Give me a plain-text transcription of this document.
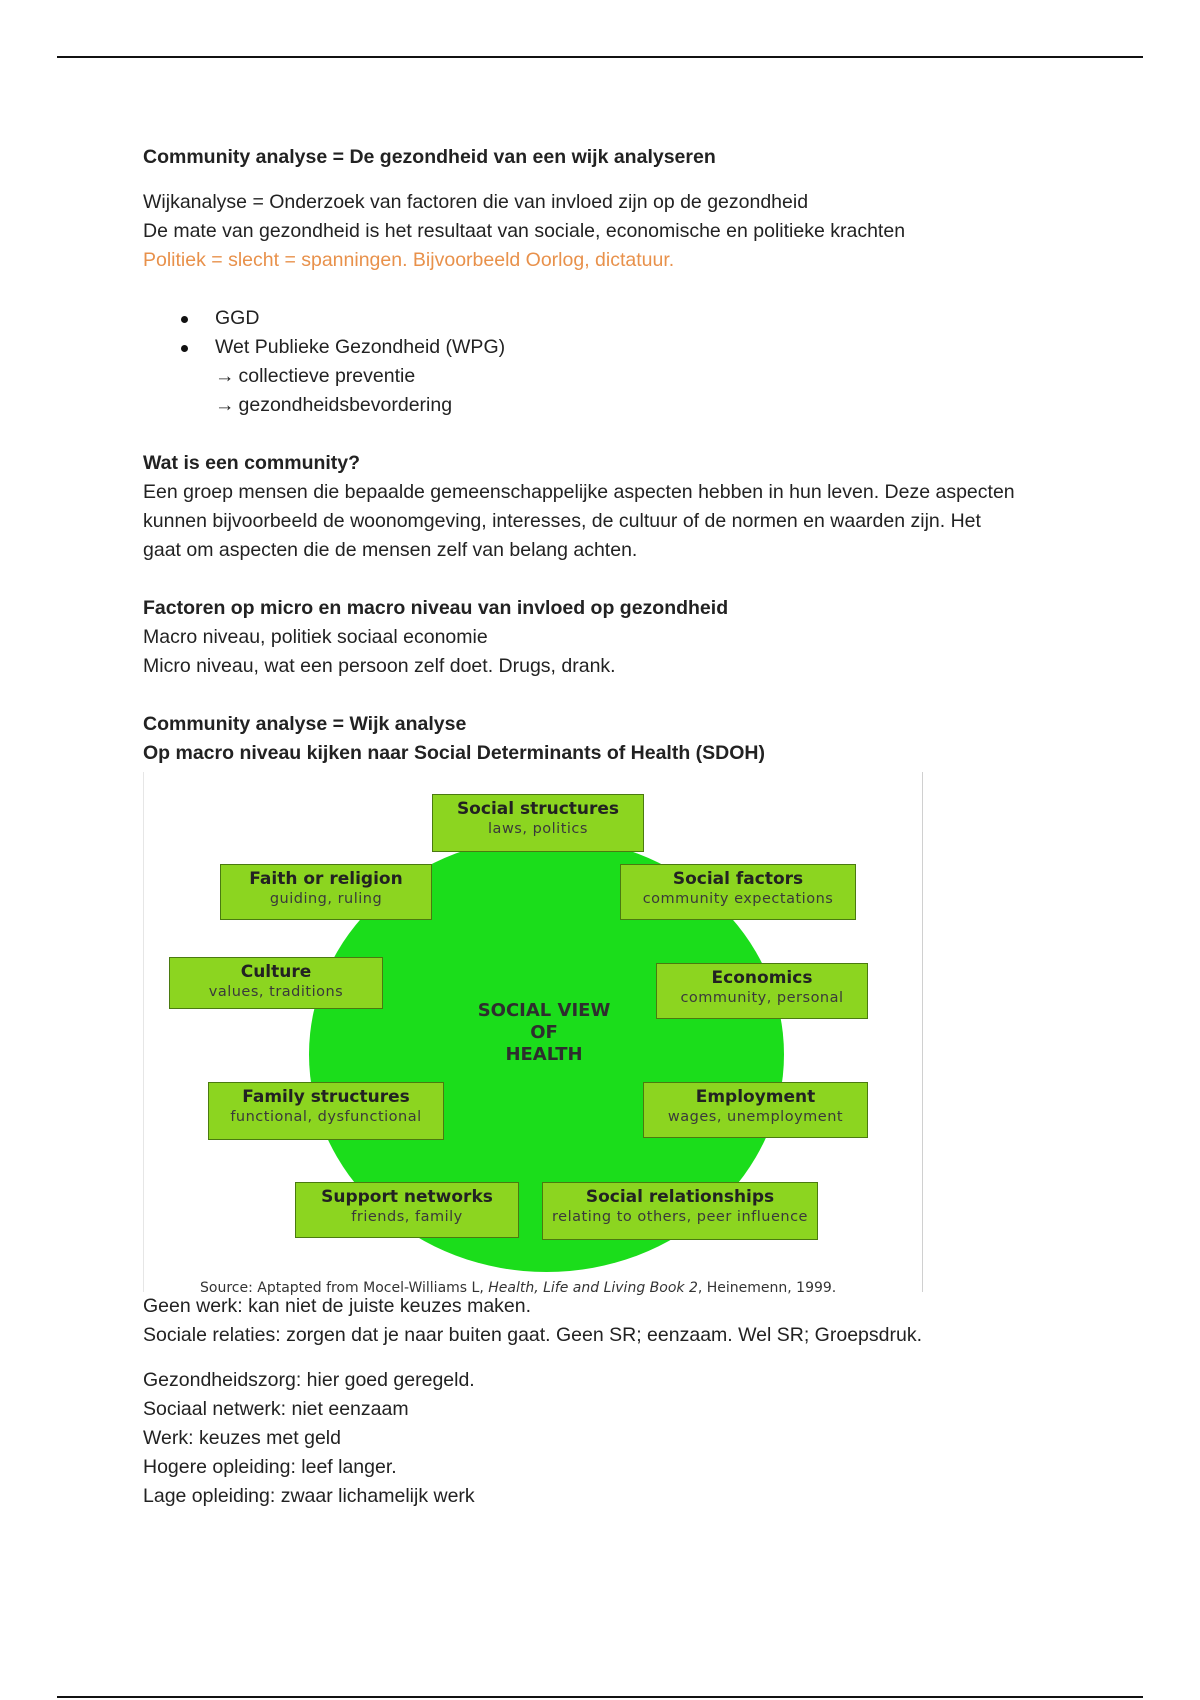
Community analyse = De gezondheid van een wijk analyseren

Wijkanalyse = Onderzoek van factoren die van invloed zijn op de gezondheid

De mate van gezondheid is het resultaat van sociale, economische en politieke krachten

Politiek = slecht = spanningen. Bijvoorbeeld Oorlog, dictatuur.

GGD
Wet Publieke Gezondheid (WPG)

→ collectieve preventie

→ gezondheidsbevordering

Wat is een community?

Een groep mensen die bepaalde gemeenschappelijke aspecten hebben in hun leven. Deze aspecten

kunnen bijvoorbeeld de woonomgeving, interesses, de cultuur of de normen en waarden zijn. Het

gaat om aspecten die de mensen zelf van belang achten.

Factoren op micro en macro niveau van invloed op gezondheid

Macro niveau, politiek sociaal economie

Micro niveau, wat een persoon zelf doet. Drugs, drank.

Community analyse = Wijk analyse

Op macro niveau kijken naar Social Determinants of Health (SDOH)

SOCIAL VIEW
OF
HEALTH
Social structures
laws, politics
Faith or religion
guiding, ruling
Social factors
community expectations
Culture
values, traditions
Economics
community, personal
Family structures
functional, dysfunctional
Employment
wages, unemployment
Support networks
friends, family
Social relationships
relating to others, peer influence
Source: Aptapted from Mocel-Williams L, Health, Life and Living Book 2, Heinemenn, 1999.

Geen werk: kan niet de juiste keuzes maken.

Sociale relaties: zorgen dat je naar buiten gaat. Geen SR; eenzaam. Wel SR; Groepsdruk.

Gezondheidszorg: hier goed geregeld.

Sociaal netwerk: niet eenzaam

Werk: keuzes met geld

Hogere opleiding: leef langer.

Lage opleiding: zwaar lichamelijk werk
